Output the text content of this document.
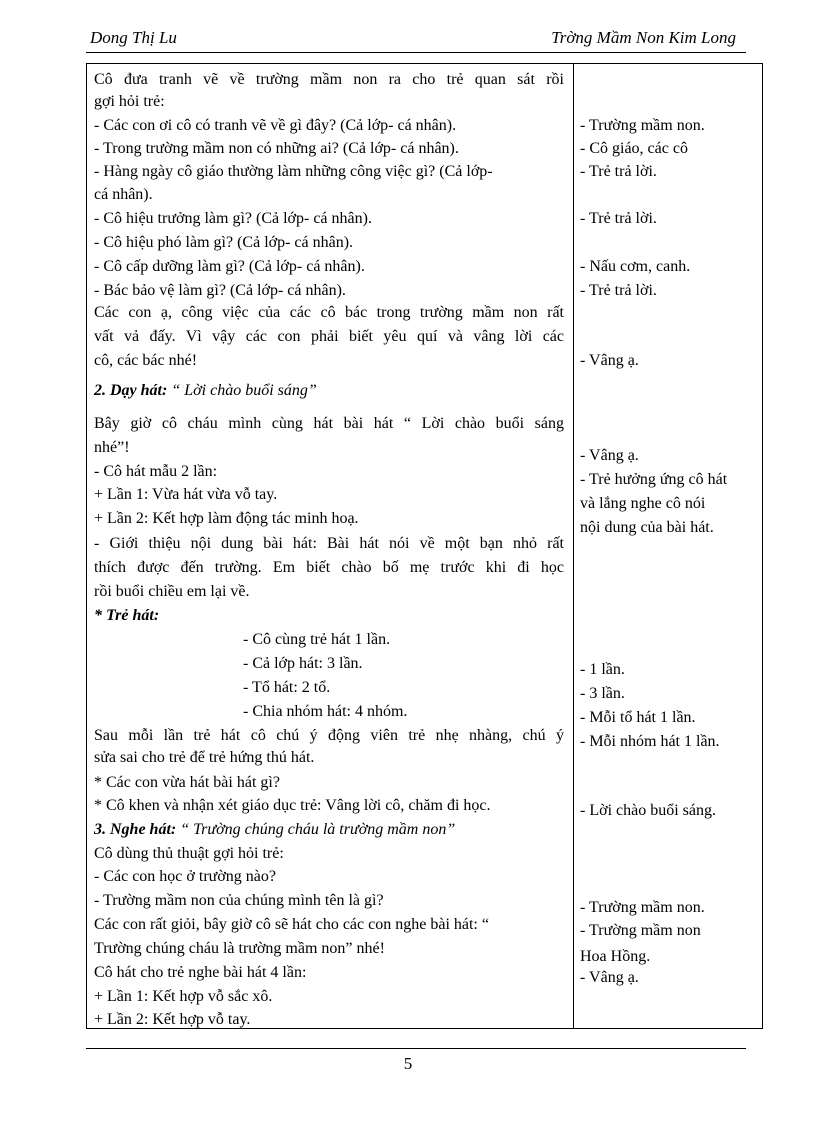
Dong Thị Lu	Trờng Mầm Non Kim Long
Cô đưa tranh vẽ về trường mầm non ra cho trẻ quan sát rồi
gợi hỏi trẻ:
- Các con ơi cô có tranh vẽ về gì đây? (Cả lớp- cá nhân).
- Trong trường mầm non có những ai? (Cả lớp- cá nhân).
- Hàng ngày cô giáo thường làm những công việc gì? (Cả lớp-
cá nhân).
- Cô hiệu trưởng làm gì? (Cả lớp- cá nhân).
- Cô hiệu phó làm gì? (Cả lớp- cá nhân).
- Cô cấp dưỡng làm gì? (Cả lớp- cá nhân).
- Bác bảo vệ làm gì? (Cả lớp- cá nhân).
Các con ạ, công việc của các cô bác trong trường mầm non rất
vất vả đấy. Vì vậy các con phải biết yêu quí và vâng lời các
cô, các bác nhé!
2. Dạy hát: “ Lời chào buổi sáng”
Bây giờ cô cháu mình cùng hát bài hát “ Lời chào buổi sáng
nhé”!
- Cô hát mẫu 2 lần:
+ Lần 1: Vừa hát vừa vỗ tay.
+ Lần 2: Kết hợp làm động tác minh hoạ.
- Giới thiệu nội dung bài hát: Bài hát nói về một bạn nhỏ rất
thích được đến trường. Em biết chào bố mẹ trước khi đi học
rồi buổi chiều em lại về.
* Trẻ hát:
- Cô cùng trẻ hát 1 lần.
- Cả lớp hát: 3 lần.
- Tổ hát: 2 tổ.
- Chia nhóm hát: 4 nhóm.
Sau mỗi lần trẻ hát cô chú ý động viên trẻ nhẹ nhàng, chú ý
sửa sai cho trẻ để trẻ hứng thú hát.
* Các con vừa hát bài hát gì?
* Cô khen và nhận xét giáo dục trẻ: Vâng lời cô, chăm đi học.
3. Nghe hát: “ Trường chúng cháu là trường mầm non”
Cô dùng thủ thuật gợi hỏi trẻ:
- Các con học ở trường nào?
- Trường mầm non của chúng mình tên là gì?
Các con rất giỏi, bây giờ cô sẽ hát cho các con nghe bài hát: “
Trường chúng cháu là trường mầm non” nhé!
Cô hát cho trẻ nghe bài hát 4 lần:
+ Lần 1: Kết hợp vỗ sắc xô.
+ Lần 2: Kết hợp vỗ tay.
- Trường mầm non.
- Cô giáo, các cô
- Trẻ trả lời.
- Trẻ trả lời.
- Nấu cơm, canh.
- Trẻ trả lời.
- Vâng ạ.
- Vâng ạ.
- Trẻ hưởng ứng cô hát
và lắng nghe cô nói
nội dung của bài hát.
- 1 lần.
- 3 lần.
- Mỗi tổ hát 1 lần.
- Mỗi nhóm hát 1 lần.
- Lời chào buổi sáng.
- Trường mầm non.
- Trường mầm non
Hoa Hồng.
- Vâng ạ.
5
